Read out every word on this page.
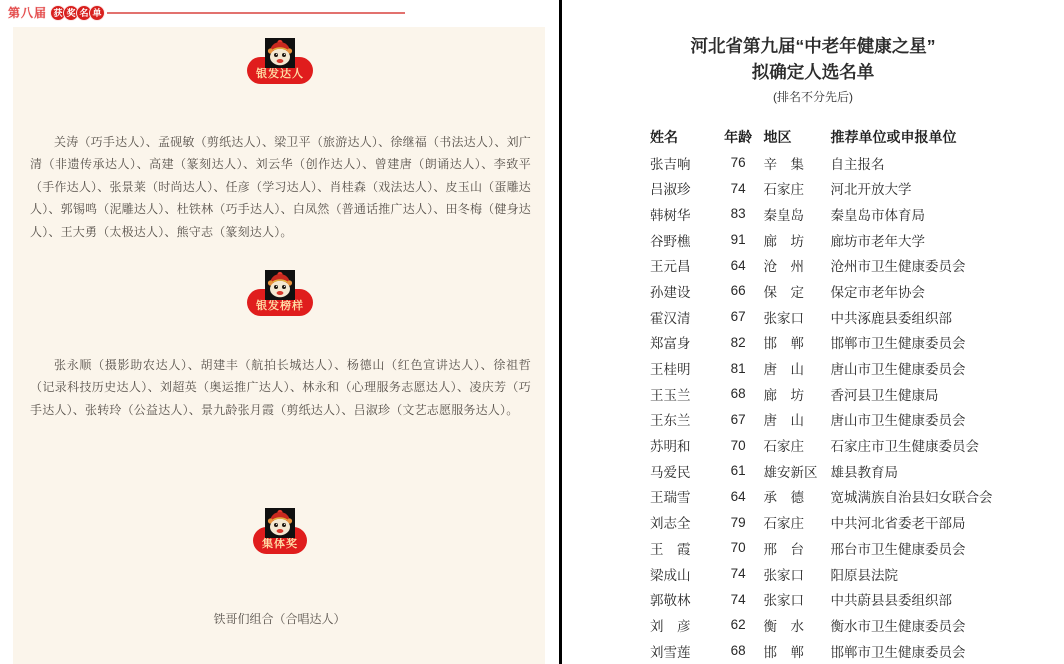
第八届 获 奖 名 单
银发达人

关涛（巧手达人）、孟砚敏（剪纸达人）、梁卫平（旅游达人）、徐继福（书法达人）、刘广清（非遗传承达人）、高建（篆刻达人）、刘云华（创作达人）、曾建唐（朗诵达人）、李致平（手作达人）、张景莱（时尚达人）、任彦（学习达人）、肖桂森（戏法达人）、皮玉山（蛋雕达人）、郭锡鸣（泥雕达人）、杜铁林（巧手达人）、白凤然（普通话推广达人）、田冬梅（健身达人）、王大勇（太极达人）、熊守志（篆刻达人）。

银发榜样

张永顺（摄影助农达人）、胡建丰（航拍长城达人）、杨德山（红色宣讲达人）、徐祖哲（记录科技历史达人）、刘超英（奥运推广达人）、林永和（心理服务志愿达人）、凌庆芳（巧手达人）、张转玲（公益达人）、景九龄张月霞（剪纸达人）、吕淑珍（文艺志愿服务达人）。

集体奖

铁哥们组合（合唱达人）

河北省第九届“中老年健康之星”
拟确定人选名单
(排名不分先后)
姓名	年龄	地区	推荐单位或申报单位
张吉响	76	辛　集	自主报名
吕淑珍	74	石家庄	河北开放大学
韩树华	83	秦皇岛	秦皇岛市体育局
谷野樵	91	廊　坊	廊坊市老年大学
王元昌	64	沧　州	沧州市卫生健康委员会
孙建设	66	保　定	保定市老年协会
霍汉清	67	张家口	中共涿鹿县委组织部
郑富身	82	邯　郸	邯郸市卫生健康委员会
王桂明	81	唐　山	唐山市卫生健康委员会
王玉兰	68	廊　坊	香河县卫生健康局
王东兰	67	唐　山	唐山市卫生健康委员会
苏明和	70	石家庄	石家庄市卫生健康委员会
马爱民	61	雄安新区	雄县教育局
王瑞雪	64	承　德	宽城满族自治县妇女联合会
刘志全	79	石家庄	中共河北省委老干部局
王　霞	70	邢　台	邢台市卫生健康委员会
梁成山	74	张家口	阳原县法院
郭敬林	74	张家口	中共蔚县县委组织部
刘　彦	62	衡　水	衡水市卫生健康委员会
刘雪莲	68	邯　郸	邯郸市卫生健康委员会
